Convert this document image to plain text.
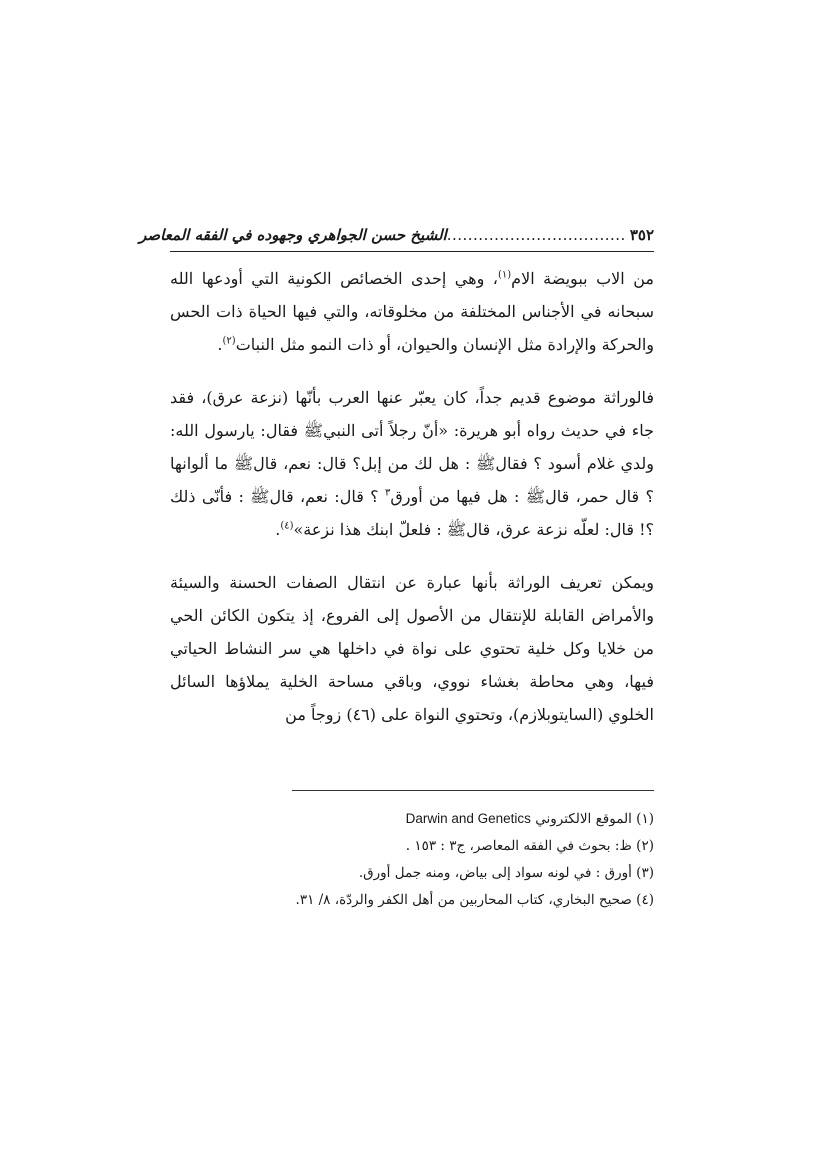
٣٥٢
..................................
الشيخ حسن الجواهري وجهوده في الفقه المعاصر

من الاب ببويضة الام$^{(١)}$، وهي إحدى الخصائص الكونية التي أودعها الله سبحانه في الأجناس المختلفة من مخلوقاته، والتي فيها الحياة ذات الحس والحركة والإرادة مثل الإنسان والحيوان، أو ذات النمو مثل النبات$^{(٢)}$.

فالوراثة موضوع قديم جداً، كان يعبّر عنها العرب بأنّها (نزعة عرق)، فقد جاء في حديث رواه أبو هريرة: «أنّ رجلاً أتى النبيﷺ فقال: يارسول الله: ولدي غلام أسود ؟ فقالﷺ : هل لك من إبل؟ قال: نعم، قالﷺ ما ألوانها ؟ قال حمر، قالﷺ : هل فيها من أورق$^٣$ ؟ قال: نعم، قالﷺ : فأنّى ذلك ؟! قال: لعلّه نزعة عرق، قالﷺ : فلعلّ ابنك هذا نزعة»$^{(٤)}$.

ويمكن تعريف الوراثة بأنها عبارة عن انتقال الصفات الحسنة والسيئة والأمراض القابلة للإنتقال من الأصول إلى الفروع، إذ يتكون الكائن الحي من خلايا وكل خلية تحتوي على نواة في داخلها هي سر النشاط الحياتي فيها، وهي محاطة بغشاء نووي، وباقي مساحة الخلية يملاؤها السائل الخلوي (السايتوبلازم)، وتحتوي النواة على (٤٦) زوجاً من

(١) الموقع الالكتروني Darwin and Genetics
(٢) ظ: بحوث في الفقه المعاصر، ج٣ : ١٥٣ .
(٣) أورق : في لونه سواد إلى بياض، ومنه جمل أورق.
(٤) صحيح البخاري، كتاب المحاربين من أهل الكفر والردّة، ٨/ ٣١.
